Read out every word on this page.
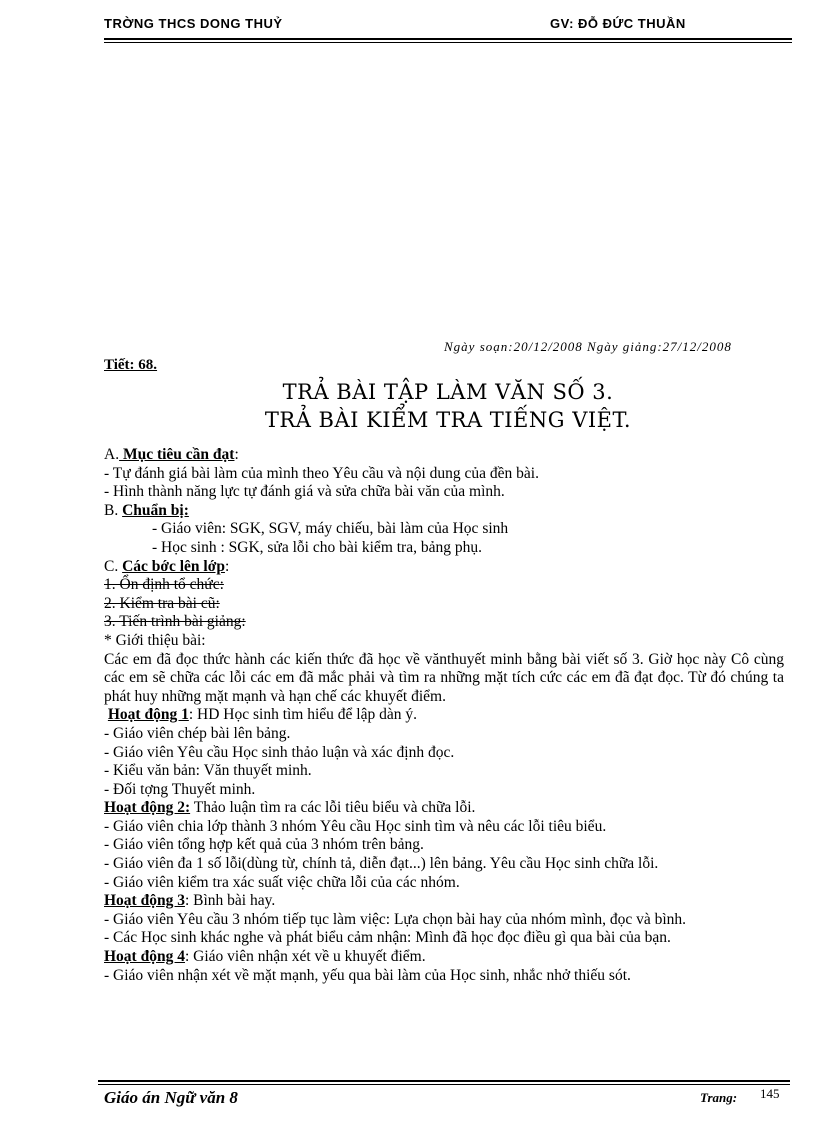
TRỜNG THCS DONG THUỶ	GV: ĐỖ ĐỨC THUẦN
Ngày soạn:20/12/2008 Ngày giảng:27/12/2008
Tiết: 68.
TRẢ BÀI TẬP LÀM VĂN SỐ 3.
TRẢ BÀI KIỂM TRA TIẾNG VIỆT.

A. Mục tiêu cần đạt:

- Tự đánh giá bài làm của mình theo Yêu cầu và nội dung của đền bài.

- Hình thành năng lực tự đánh giá và sửa chữa bài văn của mình.

B. Chuẩn bị:

- Giáo viên: SGK, SGV, máy chiếu, bài làm của Học sinh

- Học sinh : SGK, sửa lỗi cho bài kiểm tra, bảng phụ.

C. Các bớc lên lớp:

1. Ổn định tổ chức:

2. Kiểm tra bài cũ:

3. Tiến trình bài giảng:

* Giới thiệu bài:

Các em đã đọc thức hành các kiến thức đã học về vănthuyết minh bằng bài viết số 3. Giờ học này Cô cùng các em sẽ chữa các lỗi các em đã mắc phải và tìm ra những mặt tích cức các em đã đạt đọc. Từ đó chúng ta phát huy những mặt mạnh và hạn chế các khuyết điểm.

Hoạt động 1: HD Học sinh tìm hiểu để lập dàn ý.

- Giáo viên chép bài lên bảng.

- Giáo viên Yêu cầu Học sinh thảo luận và xác định đọc.

- Kiểu văn bản: Văn thuyết minh.

- Đối tợng Thuyết minh.

Hoạt động 2: Thảo luận tìm ra các lỗi tiêu biểu và chữa lỗi.

- Giáo viên chia lớp thành 3 nhóm Yêu cầu Học sinh tìm và nêu các lỗi tiêu biểu.

- Giáo viên tổng hợp kết quả của 3 nhóm trên bảng.

- Giáo viên đa 1 số lỗi(dùng từ, chính tả, diễn đạt...) lên bảng. Yêu cầu Học sinh chữa lỗi.

- Giáo viên kiểm tra xác suất việc chữa lỗi của các nhóm.

Hoạt động 3: Bình bài hay.

- Giáo viên Yêu cầu 3 nhóm tiếp tục làm việc: Lựa chọn bài hay của nhóm mình, đọc và bình.

- Các Học sinh khác nghe và phát biểu cảm nhận: Mình đã học đọc điều gì qua bài của bạn.

Hoạt động 4: Giáo viên nhận xét về u khuyết điểm.

- Giáo viên nhận xét về mặt mạnh, yếu qua bài làm của Học sinh, nhắc nhở thiếu sót.

Giáo án Ngữ văn 8	Trang: 145
